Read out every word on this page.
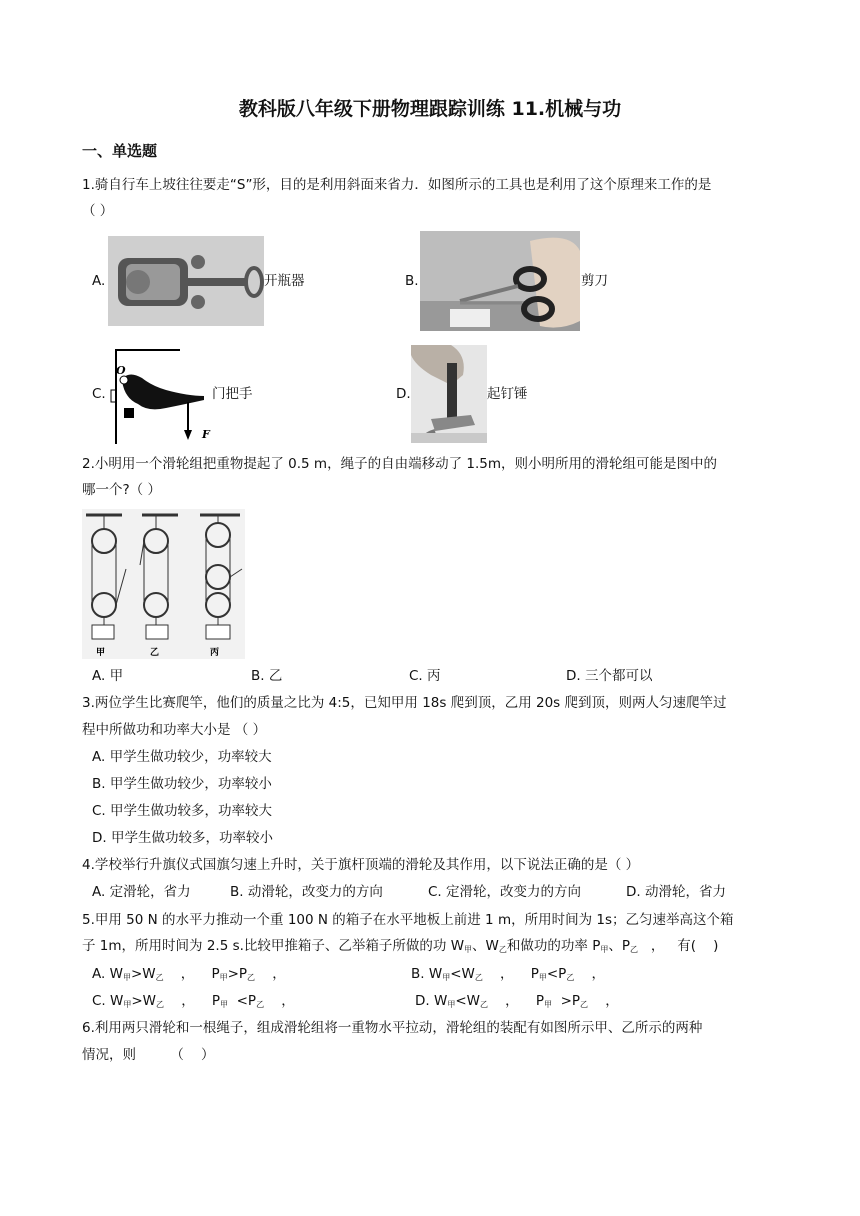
教科版八年级下册物理跟踪训练 11.机械与功
一、单选题
1.骑自行车上坡往往要走“S”形，目的是利用斜面来省力．如图所示的工具也是利用了这个原理来工作的是
（ ）
A.	开瓶器	B.	剪刀
C.
O
F
门把手	D.	起钉锤
2.小明用一个滑轮组把重物提起了 0.5 m，绳子的自由端移动了 1.5m，则小明所用的滑轮组可能是图中的
哪一个?（ ）
甲	乙	丙
A. 甲	B. 乙	C. 丙	D. 三个都可以
3.两位学生比赛爬竿，他们的质量之比为 4:5，已知甲用 18s 爬到顶，乙用 20s 爬到顶，则两人匀速爬竿过
程中所做功和功率大小是 （ ）
A. 甲学生做功较少，功率较大
B. 甲学生做功较少，功率较小
C. 甲学生做功较多，功率较大
D. 甲学生做功较多，功率较小
4.学校举行升旗仪式国旗匀速上升时，关于旗杆顶端的滑轮及其作用，以下说法正确的是（ ）
A. 定滑轮，省力	B. 动滑轮，改变力的方向	C. 定滑轮，改变力的方向	D. 动滑轮，省力
5.甲用 50 N 的水平力推动一个重 100 N 的箱子在水平地板上前进 1 m，所用时间为 1s；乙匀速举高这个箱
子 1m，所用时间为 2.5 s.比较甲推箱子、乙举箱子所做的功 $W_甲$、$W_乙$和做功的功率 $P_甲$、$P_乙$   ，   有(    )
A. $W_甲>W_乙$    ，    $P_甲>P_乙$    ，	B. $W_甲<W_乙$    ，    $P_甲<P_乙$    ，
C. $W_甲>W_乙$    ，    $P_甲 <P_乙$    ，	D. $W_甲<W_乙$    ，    $P_甲 >P_乙$    ，
6.利用两只滑轮和一根绳子，组成滑轮组将一重物水平拉动，滑轮组的装配有如图所示甲、乙所示的两种
情况，则        （    ）
